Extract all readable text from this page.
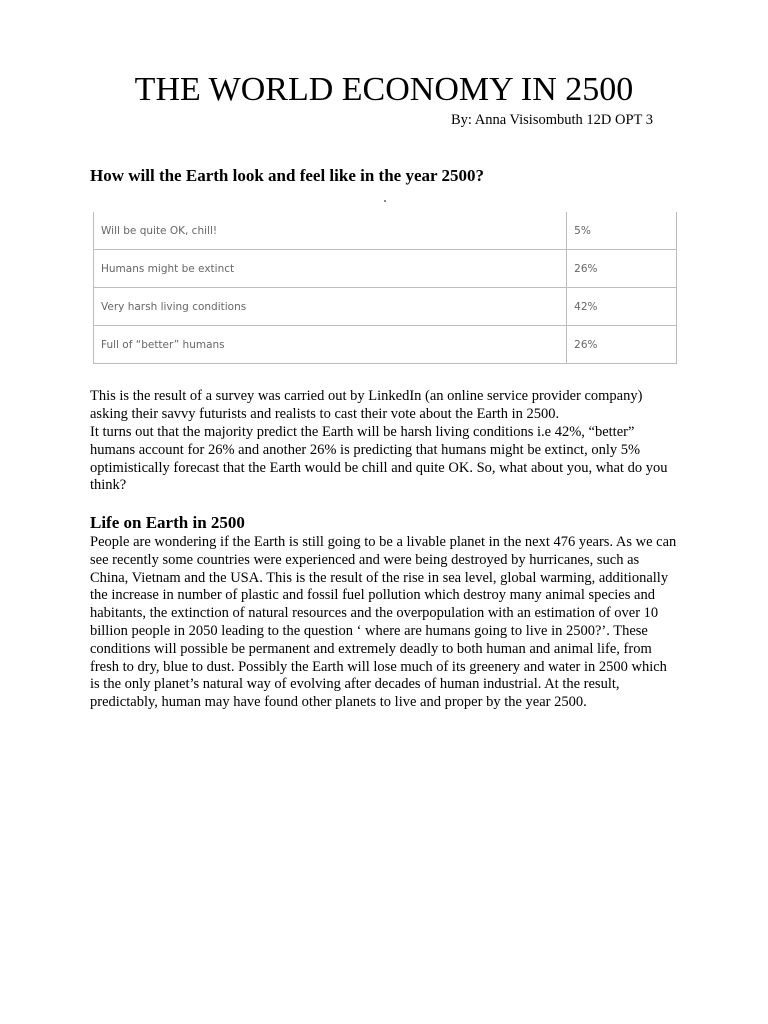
THE WORLD ECONOMY IN 2500

By: Anna Visisombuth 12D OPT 3

How will the Earth look and feel like in the year 2500?
Will be quite OK, chill!	5%
Humans might be extinct	26%
Very harsh living conditions	42%
Full of “better” humans	26%

This is the result of a survey was carried out by LinkedIn (an online service provider company) asking their savvy futurists and realists to cast their vote about the Earth in 2500.

It turns out that the majority predict the Earth will be harsh living conditions i.e 42%, “better” humans account for 26% and another 26% is predicting that humans might be extinct, only 5% optimistically forecast that the Earth would be chill and quite OK. So, what about you, what do you think?

Life on Earth in 2500

People are wondering if the Earth is still going to be a livable planet in the next 476 years. As we can see recently some countries were experienced and were being destroyed by hurricanes, such as China, Vietnam and the USA. This is the result of the rise in sea level, global warming, additionally the increase in number of plastic and fossil fuel pollution which destroy many animal species and habitants, the extinction of natural resources and the overpopulation with an estimation of over 10 billion people in 2050 leading to the question ‘ where are humans going to live in 2500?’. These conditions will possible be permanent and extremely deadly to both human and animal life, from fresh to dry, blue to dust. Possibly the Earth will lose much of its greenery and water in 2500 which is the only planet’s natural way of evolving after decades of human industrial. At the result, predictably, human may have found other planets to live and proper by the year 2500.
